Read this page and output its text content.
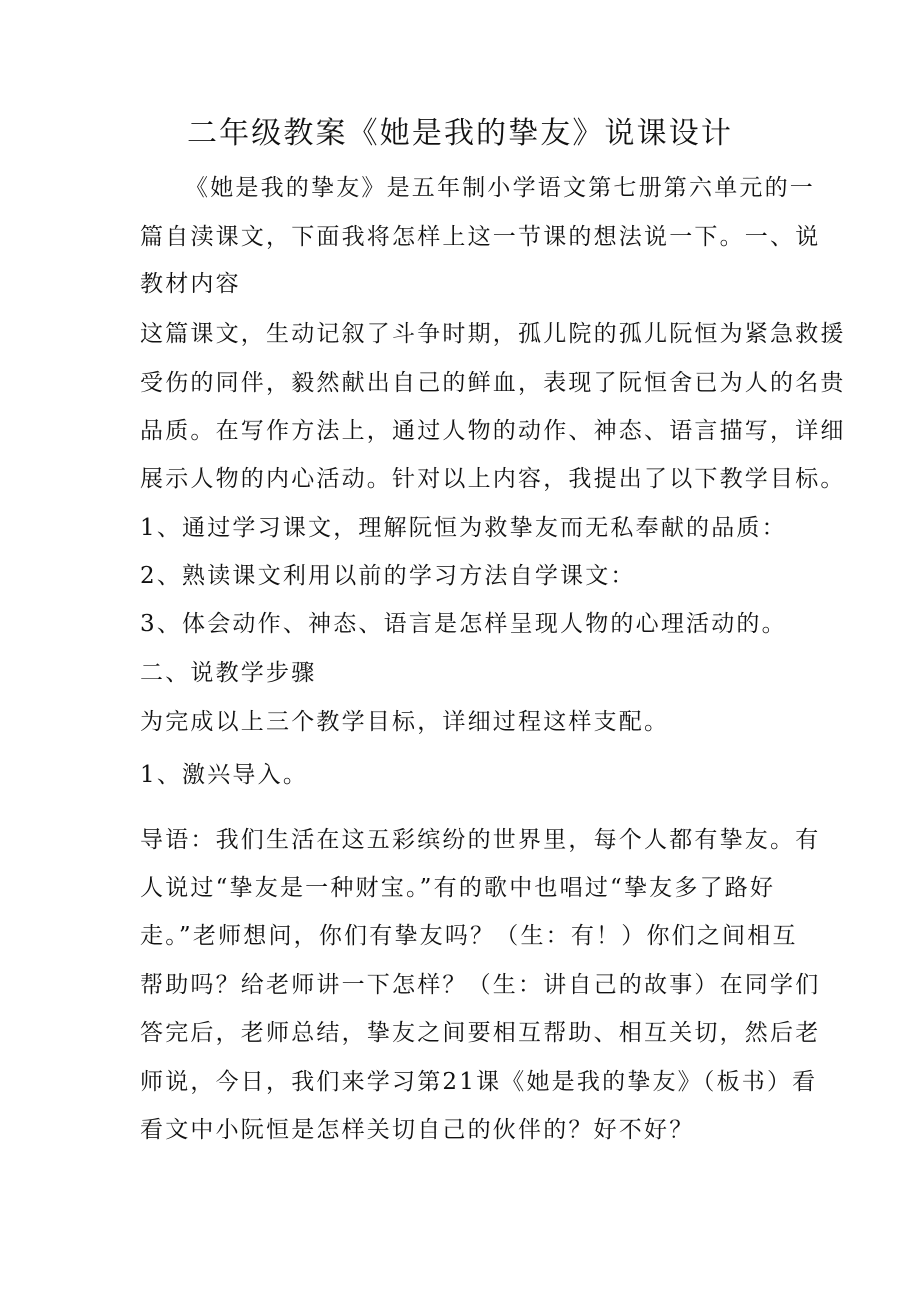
二年级教案《她是我的挚友》说课设计
《她是我的挚友》是五年制小学语文第七册第六单元的一
篇自渎课文，下面我将怎样上这一节课的想法说一下。一、说
教材内容
这篇课文，生动记叙了斗争时期，孤儿院的孤儿阮恒为紧急救援
受伤的同伴，毅然献出自己的鲜血，表现了阮恒舍已为人的名贵
品质。在写作方法上，通过人物的动作、神态、语言描写，详细
展示人物的内心活动。针对以上内容，我提出了以下教学目标。
1、通过学习课文，理解阮恒为救挚友而无私奉献的品质：
2、熟读课文利用以前的学习方法自学课文：
3、体会动作、神态、语言是怎样呈现人物的心理活动的。
二、说教学步骤
为完成以上三个教学目标，详细过程这样支配。
1、激兴导入。
导语：我们生活在这五彩缤纷的世界里，每个人都有挚友。有
人说过“挚友是一种财宝。”有的歌中也唱过“挚友多了路好
走。”老师想问，你们有挚友吗？（生：有！）你们之间相互
帮助吗？给老师讲一下怎样？（生：讲自己的故事）在同学们
答完后，老师总结，挚友之间要相互帮助、相互关切，然后老
师说，今日，我们来学习第21课《她是我的挚友》（板书）看
看文中小阮恒是怎样关切自己的伙伴的？好不好？
